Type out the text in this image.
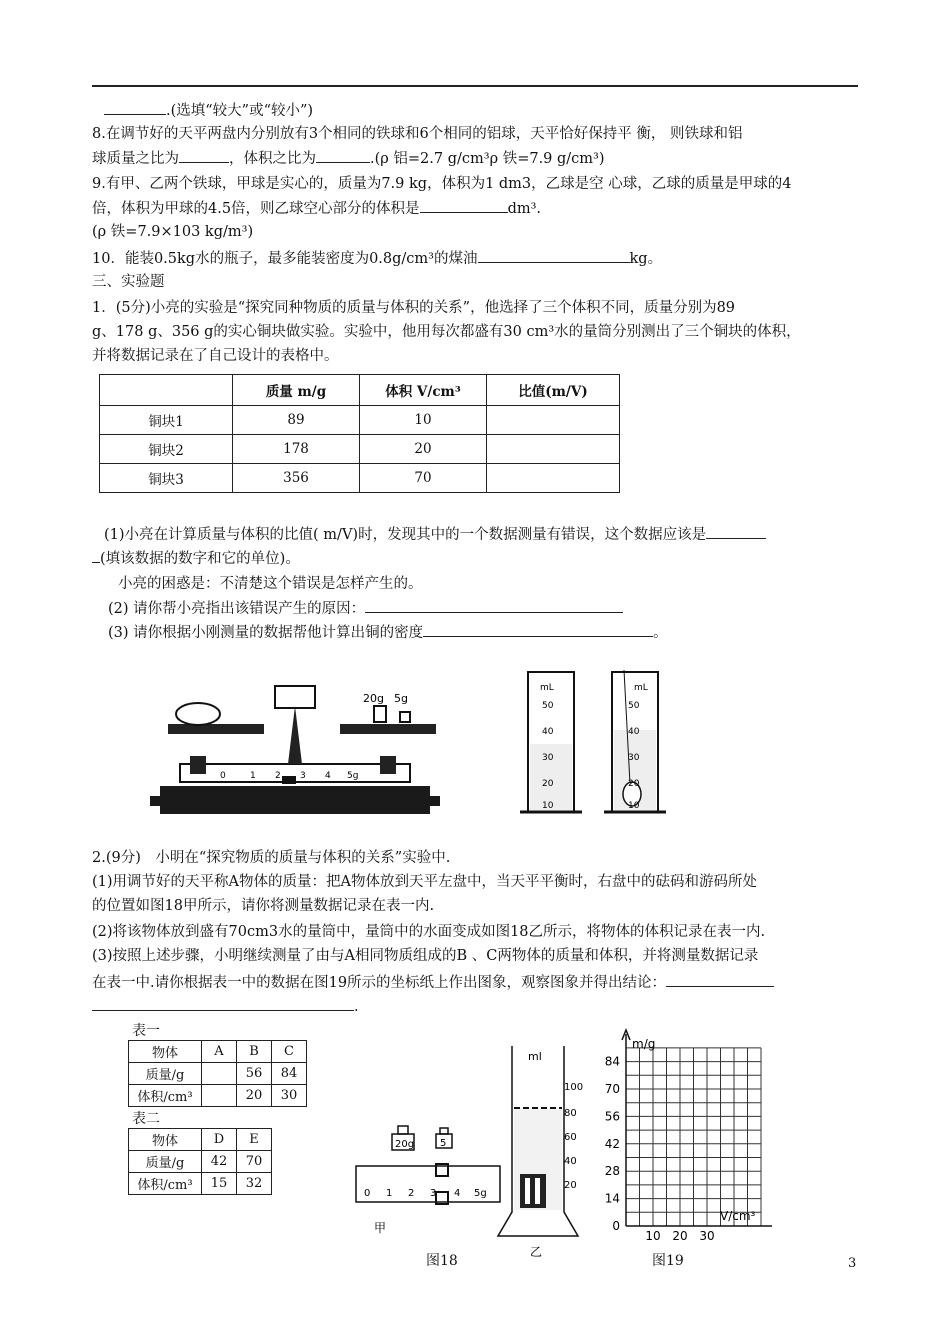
.(选填“较大”或“较小”)
8.在调节好的天平两盘内分别放有3个相同的铁球和6个相同的铝球，天平恰好保持平 衡， 则铁球和铝
球质量之比为	，体积之比为	.(ρ 铝=2.7 g/cm³ρ 铁=7.9 g/cm³)
9.有甲、乙两个铁球，甲球是实心的，质量为7.9 kg，体积为1 dm3，乙球是空 心球，乙球的质量是甲球的4
倍，体积为甲球的4.5倍，则乙球空心部分的体积是	dm³.
(ρ 铁=7.9×103 kg/m³)
10．能装0.5kg水的瓶子，最多能装密度为0.8g/cm³的煤油	kg。
三、实验题
1．(5分)小亮的实验是“探究同种物质的质量与体积的关系”，他选择了三个体积不同，质量分别为89
g、178 g、356 g的实心铜块做实验。实验中，他用每次都盛有30 cm³水的量筒分别测出了三个铜块的体积，
并将数据记录在了自己设计的表格中。
	质量 m/g	体积 V/cm³	比值(m/V)
铜块1	89	10	
铜块2	178	20	
铜块3	356	70	
(1)小亮在计算质量与体积的比值( m/V)时，发现其中的一个数据测量有错误，这个数据应该是
(填该数据的数字和它的单位)。
小亮的困惑是：不清楚这个错误是怎样产生的。
(2) 请你帮小亮指出该错误产生的原因：
(3) 请你根据小刚测量的数据帮他计算出铜的密度	。
20g 5g
0	1 2 3 4 5g
mL
50
40
30
20
10
mL
50
40
30
20
10
2.(9分)　小明在“探究物质的质量与体积的关系”实验中.
(1)用调节好的天平称A物体的质量：把A物体放到天平左盘中，当天平平衡时，右盘中的砝码和游码所处
的位置如图18甲所示，请你将测量数据记录在表一内.
(2)将该物体放到盛有70cm3水的量筒中，量筒中的水面变成如图18乙所示，将物体的体积记录在表一内.
(3)按照上述步骤，小明继续测量了由与A相同物质组成的B 、C两物体的质量和体积，并将测量数据记录
在表一中.请你根据表一中的数据在图19所示的坐标纸上作出图象，观察图象并得出结论：
.
表一
物体	A	B	C
质量/g		56	84
体积/cm³		20	30
表二
物体	D	E
质量/g	42	70
体积/cm³	15	32
20g	5
0 1 2 3 4 5g
甲
ml
100
80
60
40
20
乙
图18
m/g
V/cm³
84
70
56
42
28
14
0
10 20 30
图19	3
